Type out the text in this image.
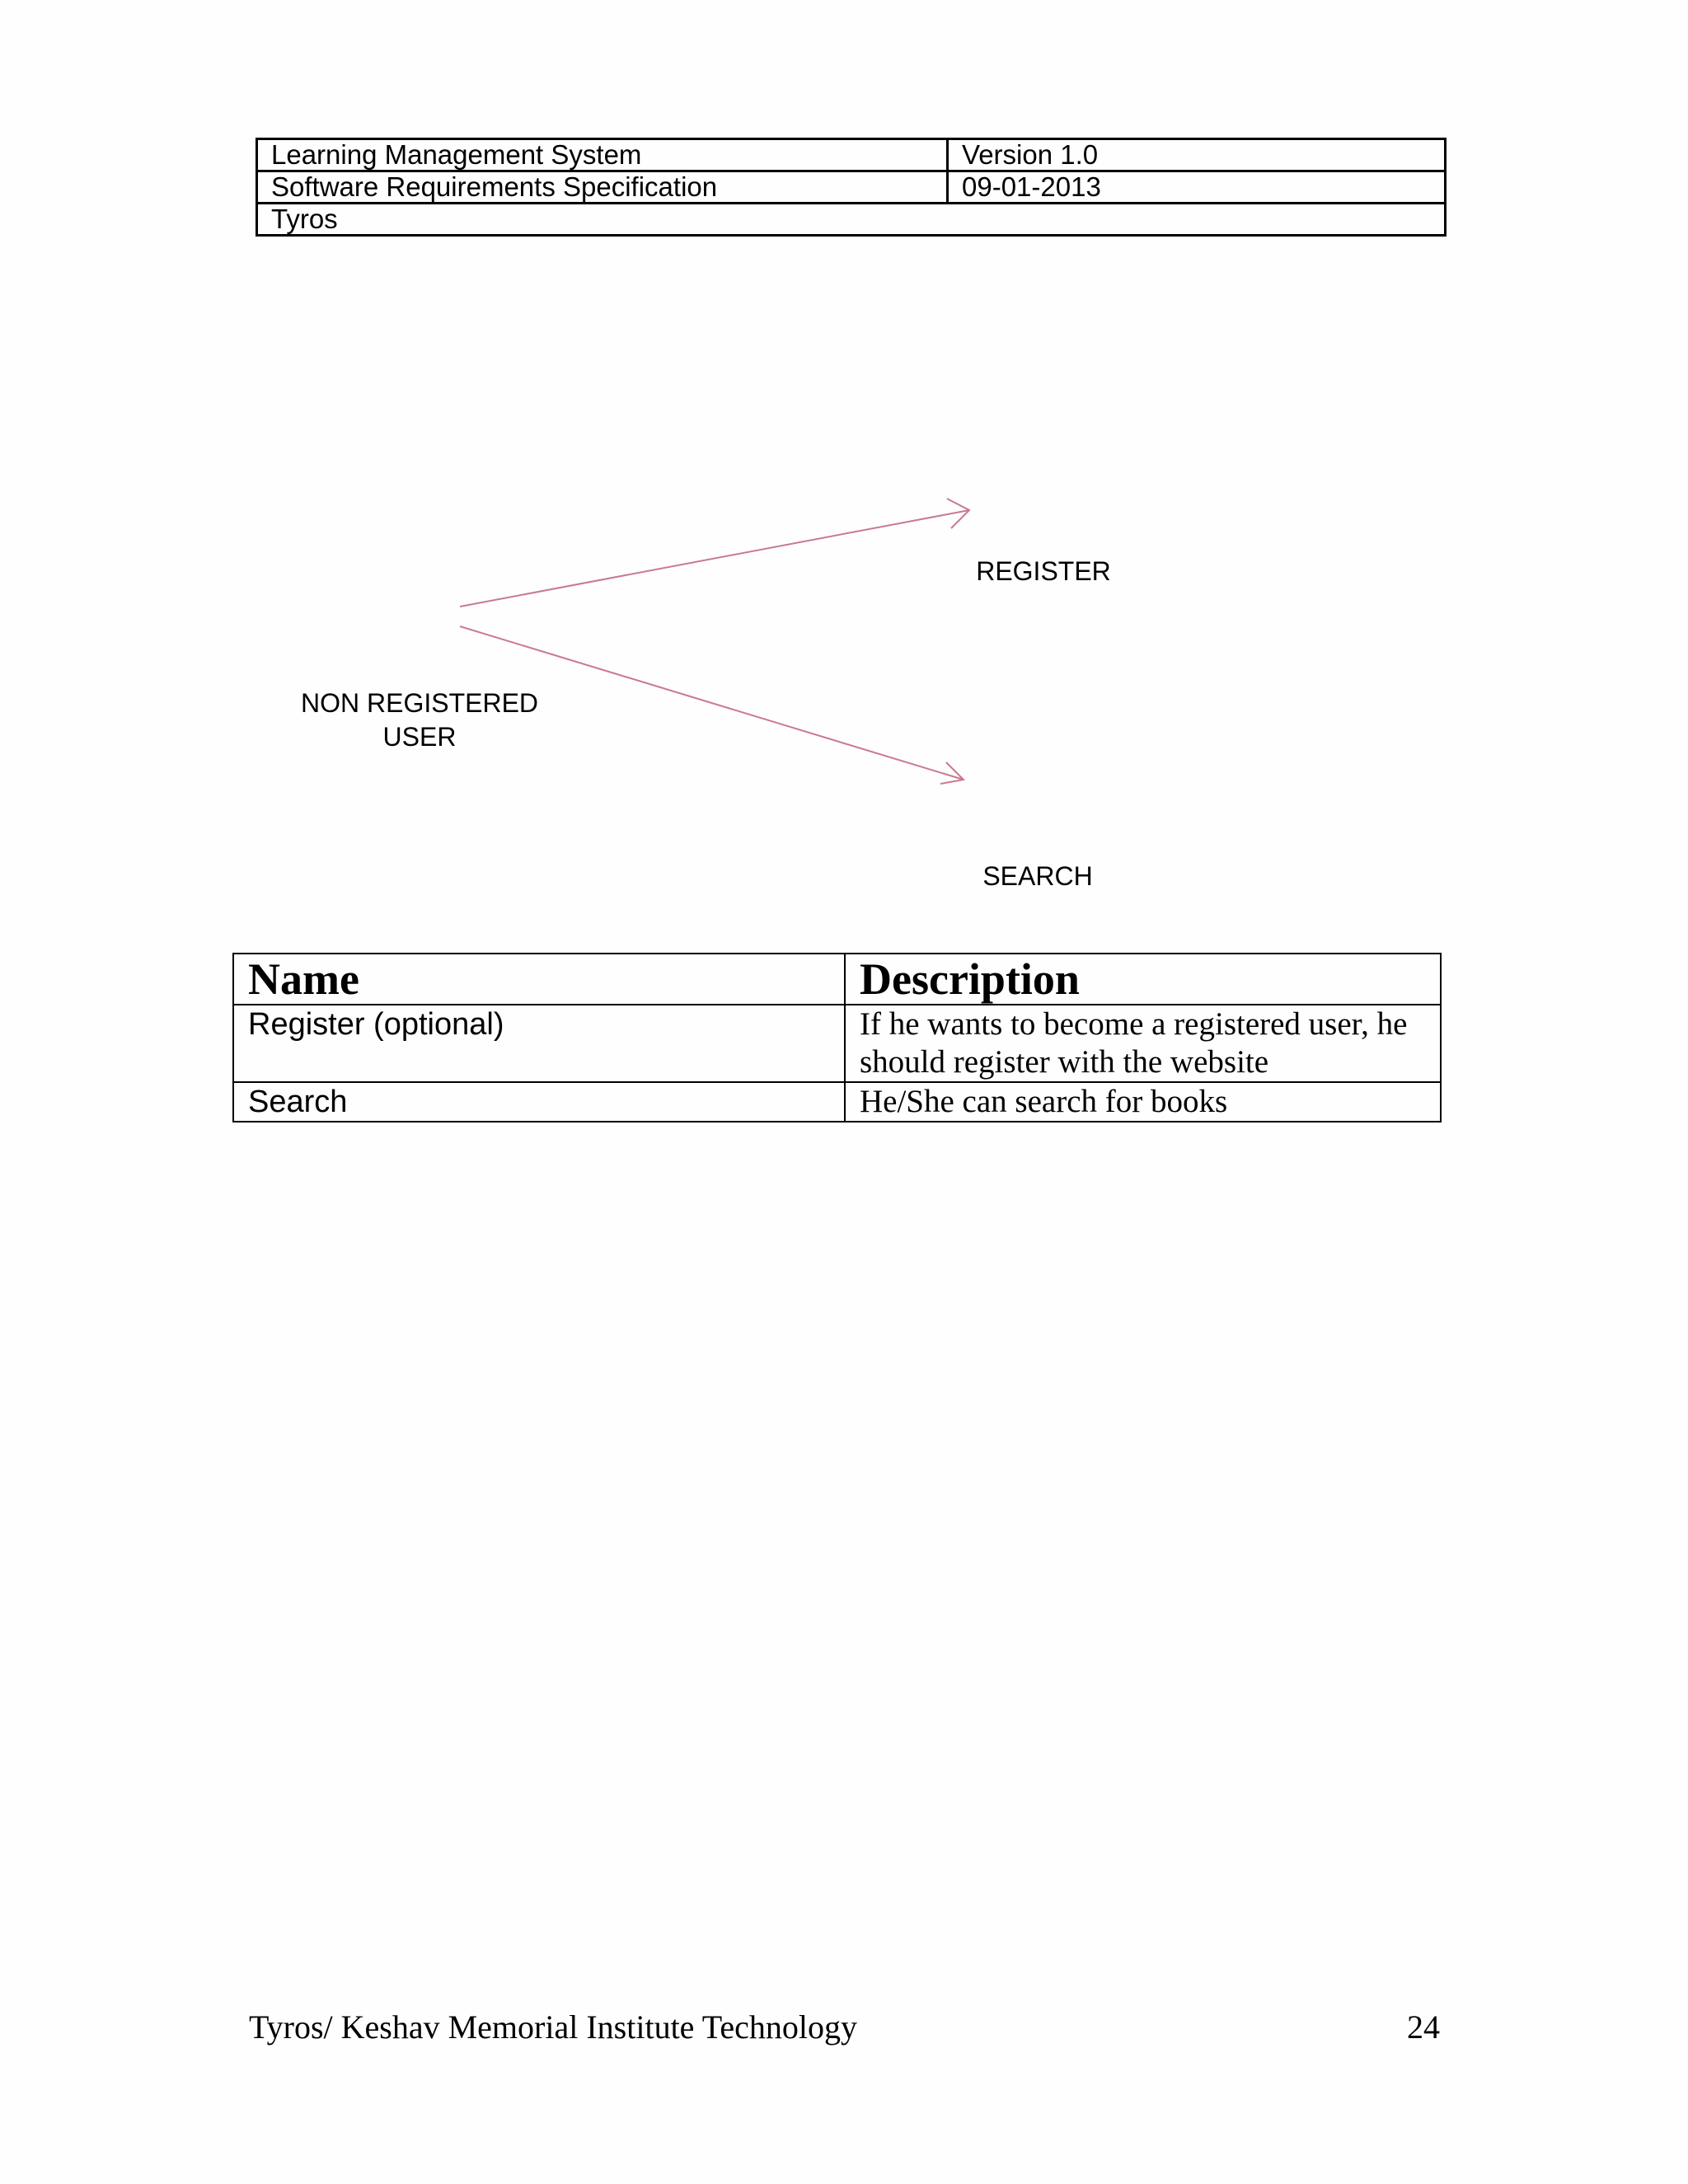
Learning Management System	Version 1.0
Software Requirements Specification	09-01-2013
Tyros	
NON REGISTERED
USER
REGISTER
SEARCH
Name	Description
Register (optional)	If he wants to become a registered user, he should register with the website
Search	He/She can search for books
Tyros/ Keshav Memorial Institute Technology	24
